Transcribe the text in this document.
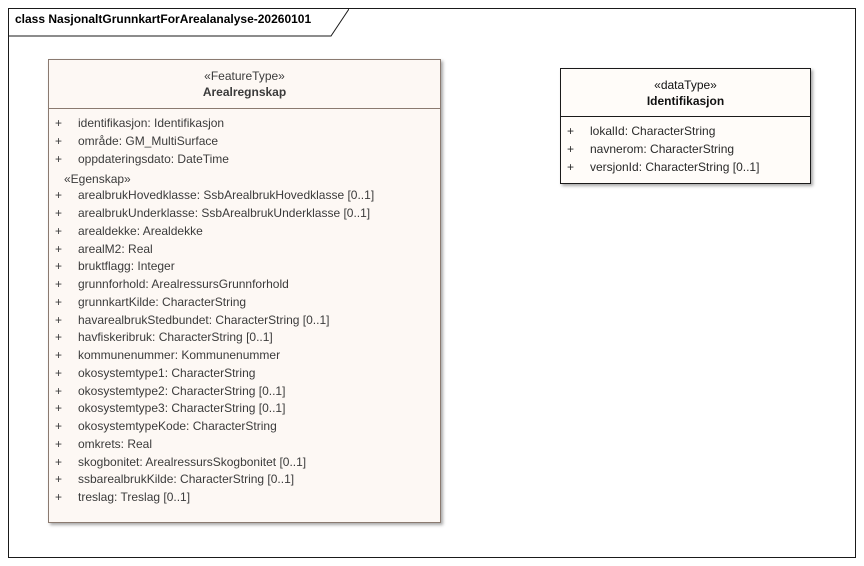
class NasjonaltGrunnkartForArealanalyse-20260101
«FeatureType»
Arealregnskap
+ identifikasjon: Identifikasjon
+ område: GM_MultiSurface
+ oppdateringsdato: DateTime
«Egenskap»
+ arealbrukHovedklasse: SsbArealbrukHovedklasse [0..1]
+ arealbrukUnderklasse: SsbArealbrukUnderklasse [0..1]
+ arealdekke: Arealdekke
+ arealM2: Real
+ bruktflagg: Integer
+ grunnforhold: ArealressursGrunnforhold
+ grunnkartKilde: CharacterString
+ havarealbrukStedbundet: CharacterString [0..1]
+ havfiskeribruk: CharacterString [0..1]
+ kommunenummer: Kommunenummer
+ okosystemtype1: CharacterString
+ okosystemtype2: CharacterString [0..1]
+ okosystemtype3: CharacterString [0..1]
+ okosystemtypeKode: CharacterString
+ omkrets: Real
+ skogbonitet: ArealressursSkogbonitet [0..1]
+ ssbarealbrukKilde: CharacterString [0..1]
+ treslag: Treslag [0..1]
«dataType»
Identifikasjon
+ lokalId: CharacterString
+ navnerom: CharacterString
+ versjonId: CharacterString [0..1]
